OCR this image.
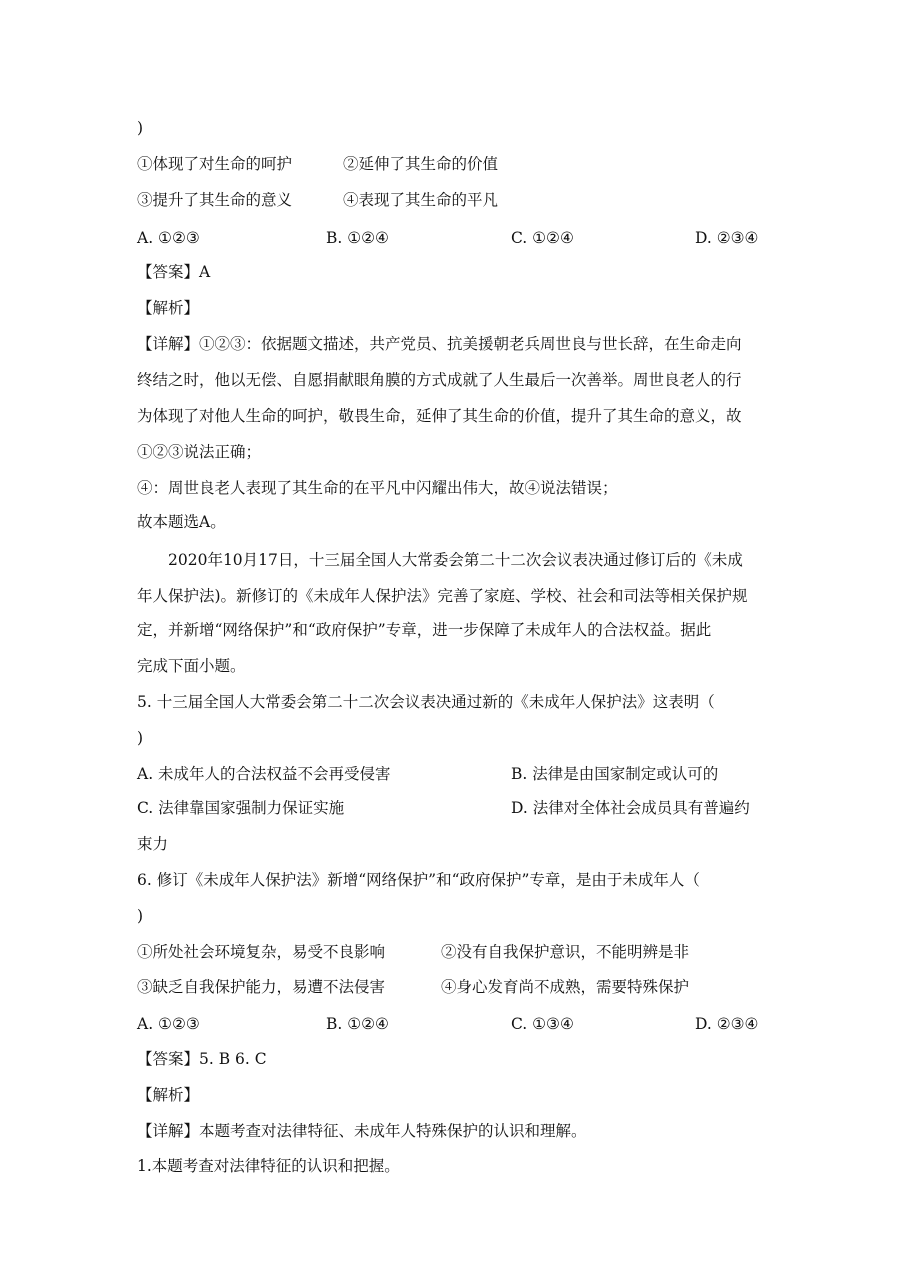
)
①体现了对生命的呵护	②延伸了其生命的价值
③提升了其生命的意义	④表现了其生命的平凡
A. ①②③	B. ①②④	C. ①②④	D. ②③④
【答案】A
【解析】
【详解】①②③：依据题文描述，共产党员、抗美援朝老兵周世良与世长辞，在生命走向
终结之时，他以无偿、自愿捐献眼角膜的方式成就了人生最后一次善举。周世良老人的行
为体现了对他人生命的呵护，敬畏生命，延伸了其生命的价值，提升了其生命的意义，故
①②③说法正确；
④：周世良老人表现了其生命的在平凡中闪耀出伟大，故④说法错误；
故本题选A。
　　2020年10月17日，十三届全国人大常委会第二十二次会议表决通过修订后的《未成
年人保护法)。新修订的《未成年人保护法》完善了家庭、学校、社会和司法等相关保护规
定，并新增“网络保护”和“政府保护”专章，进一步保障了未成年人的合法权益。据此
完成下面小题。
5. 十三届全国人大常委会第二十二次会议表决通过新的《未成年人保护法》这表明（
)
A. 未成年人的合法权益不会再受侵害	B. 法律是由国家制定或认可的
C. 法律靠国家强制力保证实施	D. 法律对全体社会成员具有普遍约
束力
6. 修订《未成年人保护法》新增“网络保护”和“政府保护”专章，是由于未成年人（
)
①所处社会环境复杂，易受不良影响	②没有自我保护意识，不能明辨是非
③缺乏自我保护能力，易遭不法侵害	④身心发育尚不成熟，需要特殊保护
A. ①②③	B. ①②④	C. ①③④	D. ②③④
【答案】5. B 6. C
【解析】
【详解】本题考查对法律特征、未成年人特殊保护的认识和理解。
1.本题考查对法律特征的认识和把握。
